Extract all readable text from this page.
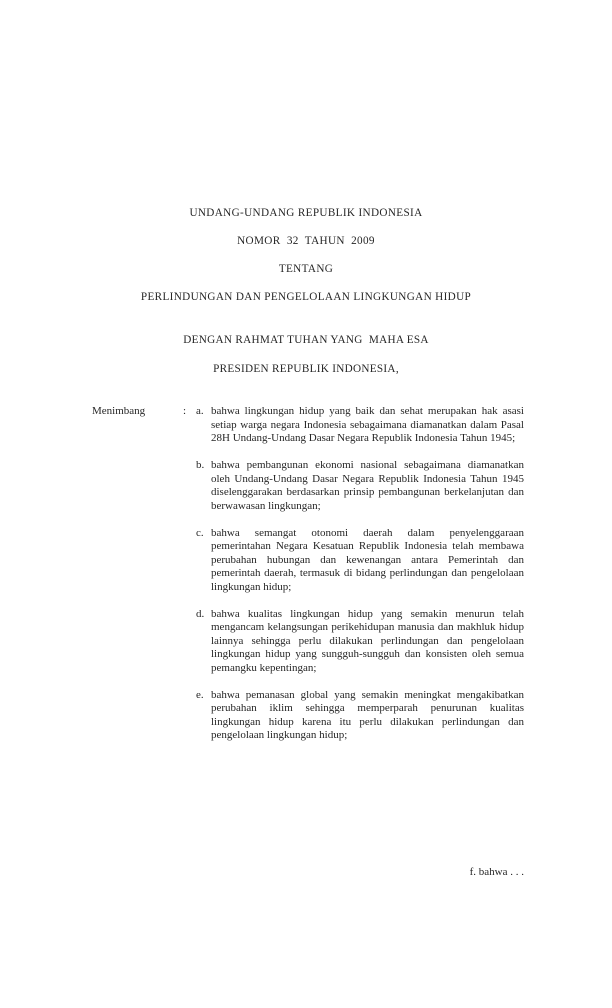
UNDANG-UNDANG REPUBLIK INDONESIA
NOMOR  32  TAHUN  2009
TENTANG
PERLINDUNGAN DAN PENGELOLAAN LINGKUNGAN HIDUP
DENGAN RAHMAT TUHAN YANG  MAHA ESA
PRESIDEN REPUBLIK INDONESIA,
Menimbang	: a. bahwa lingkungan hidup yang baik dan sehat merupakan hak asasi setiap warga negara Indonesia sebagaimana diamanatkan dalam Pasal 28H Undang-Undang Dasar Negara Republik Indonesia Tahun 1945;
b. bahwa pembangunan ekonomi nasional sebagaimana diamanatkan oleh Undang-Undang Dasar Negara Republik Indonesia Tahun 1945 diselenggarakan berdasarkan prinsip pembangunan berkelanjutan dan berwawasan lingkungan;
c. bahwa semangat otonomi daerah dalam penyelenggaraan pemerintahan Negara Kesatuan Republik Indonesia telah membawa perubahan hubungan dan kewenangan antara Pemerintah dan pemerintah daerah, termasuk di bidang perlindungan dan pengelolaan lingkungan hidup;
d. bahwa kualitas lingkungan hidup yang semakin menurun telah mengancam kelangsungan perikehidupan manusia dan makhluk hidup lainnya sehingga perlu dilakukan perlindungan dan pengelolaan lingkungan hidup yang sungguh-sungguh dan konsisten oleh semua pemangku kepentingan;
e. bahwa pemanasan global yang semakin meningkat mengakibatkan perubahan iklim sehingga memperparah penurunan kualitas lingkungan hidup karena itu perlu dilakukan perlindungan dan pengelolaan lingkungan hidup;
f. bahwa . . .
